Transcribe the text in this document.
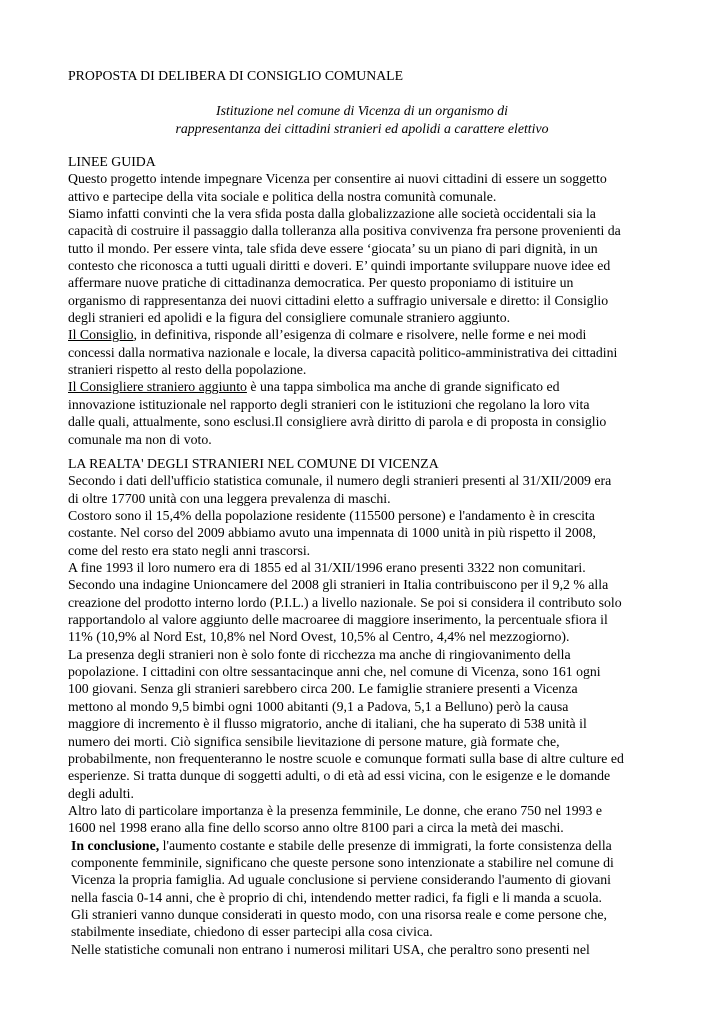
PROPOSTA DI DELIBERA DI CONSIGLIO COMUNALE
Istituzione nel comune di Vicenza di un organismo di
rappresentanza dei cittadini stranieri ed apolidi a carattere elettivo
LINEE GUIDA
Questo progetto intende impegnare Vicenza per consentire ai nuovi cittadini di essere un soggetto
attivo e partecipe della vita sociale e politica della nostra comunità comunale.
Siamo infatti convinti che la vera sfida posta dalla globalizzazione alle società occidentali sia la
capacità di costruire il passaggio dalla tolleranza alla positiva convivenza fra persone provenienti da
tutto il mondo. Per essere vinta, tale sfida deve essere ‘giocata’ su un piano di pari dignità, in un
contesto che riconosca a tutti uguali diritti e doveri. E’ quindi importante sviluppare nuove idee ed
affermare nuove pratiche di cittadinanza democratica. Per questo proponiamo di istituire un
organismo di rappresentanza dei nuovi cittadini eletto a suffragio universale e diretto: il Consiglio
degli stranieri ed apolidi e la figura del consigliere comunale straniero aggiunto.
Il Consiglio, in definitiva, risponde all’esigenza di colmare e risolvere, nelle forme e nei modi
concessi dalla normativa nazionale e locale, la diversa capacità politico-amministrativa dei cittadini
stranieri rispetto al resto della popolazione.
Il Consigliere straniero aggiunto è una tappa simbolica ma anche di grande significato ed
innovazione istituzionale nel rapporto degli stranieri con le istituzioni che regolano la loro vita
dalle quali, attualmente, sono esclusi.Il consigliere avrà diritto di parola e di proposta in consiglio
comunale ma non di voto.
LA REALTA' DEGLI STRANIERI NEL COMUNE DI VICENZA
Secondo i dati dell'ufficio statistica comunale, il numero degli stranieri presenti al 31/XII/2009 era
di oltre 17700 unità con una leggera prevalenza di maschi.
Costoro sono il 15,4% della popolazione residente (115500 persone) e l'andamento è in crescita
costante. Nel corso del 2009 abbiamo avuto una impennata di 1000 unità in più rispetto il 2008,
come del resto era stato negli anni trascorsi.
A fine 1993 il loro numero era di 1855 ed al 31/XII/1996 erano presenti 3322 non comunitari.
Secondo una indagine Unioncamere del 2008 gli stranieri in Italia contribuiscono per il 9,2 % alla
creazione del prodotto interno lordo (P.I.L.) a livello nazionale. Se poi si considera il contributo solo
rapportandolo al valore aggiunto delle macroaree di maggiore inserimento, la percentuale sfiora il
11% (10,9% al Nord Est, 10,8% nel Nord Ovest, 10,5% al Centro, 4,4% nel mezzogiorno).
La presenza degli stranieri non è solo fonte di ricchezza ma anche di ringiovanimento della
popolazione. I cittadini con oltre sessantacinque anni che, nel comune di Vicenza, sono 161 ogni
100 giovani. Senza gli stranieri sarebbero circa 200. Le famiglie straniere presenti a Vicenza
mettono al mondo 9,5 bimbi ogni 1000 abitanti (9,1 a Padova, 5,1 a Belluno) però la causa
maggiore di incremento è il flusso migratorio, anche di italiani, che ha superato di 538 unità il
numero dei morti. Ciò significa sensibile lievitazione di persone mature, già formate che,
probabilmente, non frequenteranno le nostre scuole e comunque formati sulla base di altre culture ed
esperienze. Si tratta dunque di soggetti adulti, o di età ad essi vicina, con le esigenze e le domande
degli adulti.
Altro lato di particolare importanza è la presenza femminile, Le donne, che erano 750 nel 1993 e
1600 nel 1998 erano alla fine dello scorso anno oltre 8100 pari a circa la metà dei maschi.
In conclusione, l'aumento costante e stabile delle presenze di immigrati, la forte consistenza della
componente femminile, significano che queste persone sono intenzionate a stabilire nel comune di
Vicenza la propria famiglia. Ad uguale conclusione si perviene considerando l'aumento di giovani
nella fascia 0-14 anni, che è proprio di chi, intendendo metter radici, fa figli e li manda a scuola.
Gli stranieri vanno dunque considerati in questo modo, con una risorsa reale e come persone che,
stabilmente insediate, chiedono di esser partecipi alla cosa civica.
Nelle statistiche comunali non entrano i numerosi militari USA, che peraltro sono presenti nel
